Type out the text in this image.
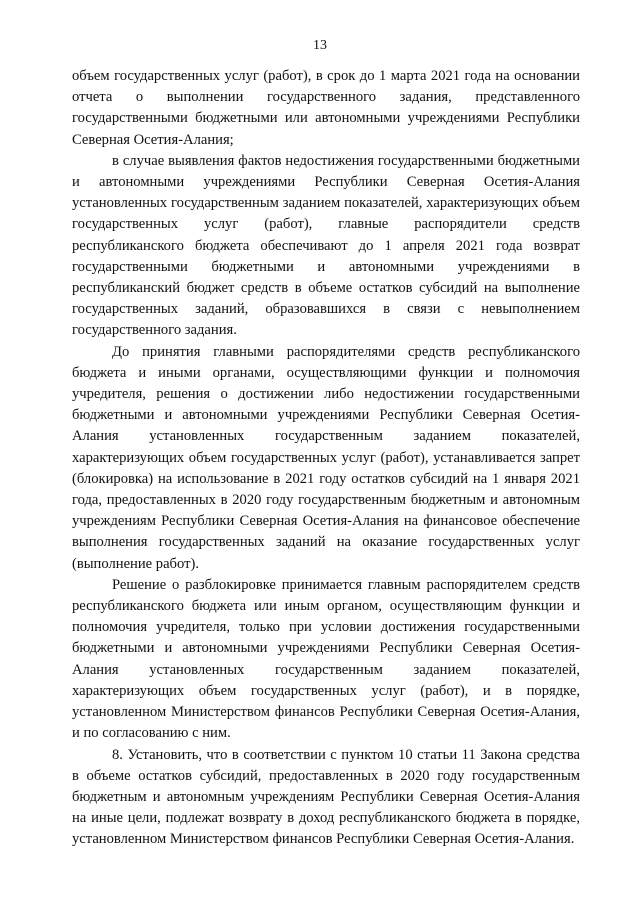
13

объем государственных услуг (работ), в срок до 1 марта 2021 года на основании отчета о выполнении государственного задания, представленного государственными бюджетными или автономными учреждениями Республики Северная Осетия-Алания;

в случае выявления фактов недостижения государственными бюджетными и автономными учреждениями Республики Северная Осетия-Алания установленных государственным заданием показателей, характеризующих объем государственных услуг (работ), главные распорядители средств республиканского бюджета обеспечивают до 1 апреля 2021 года возврат государственными бюджетными и автономными учреждениями в республиканский бюджет средств в объеме остатков субсидий на выполнение государственных заданий, образовавшихся в связи с невыполнением государственного задания.

До принятия главными распорядителями средств республиканского бюджета и иными органами, осуществляющими функции и полномочия учредителя, решения о достижении либо недостижении государственными бюджетными и автономными учреждениями Республики Северная Осетия-Алания установленных государственным заданием показателей, характеризующих объем государственных услуг (работ), устанавливается запрет (блокировка) на использование в 2021 году остатков субсидий на 1 января 2021 года, предоставленных в 2020 году государственным бюджетным и автономным учреждениям Республики Северная Осетия-Алания на финансовое обеспечение выполнения государственных заданий на оказание государственных услуг (выполнение работ).

Решение о разблокировке принимается главным распорядителем средств республиканского бюджета или иным органом, осуществляющим функции и полномочия учредителя, только при условии достижения государственными бюджетными и автономными учреждениями Республики Северная Осетия-Алания установленных государственным заданием показателей, характеризующих объем государственных услуг (работ), и в порядке, установленном Министерством финансов Республики Северная Осетия-Алания, и по согласованию с ним.

8. Установить, что в соответствии с пунктом 10 статьи 11 Закона средства в объеме остатков субсидий, предоставленных в 2020 году государственным бюджетным и автономным учреждениям Республики Северная Осетия-Алания на иные цели, подлежат возврату в доход республиканского бюджета в порядке, установленном Министерством финансов Республики Северная Осетия-Алания.
